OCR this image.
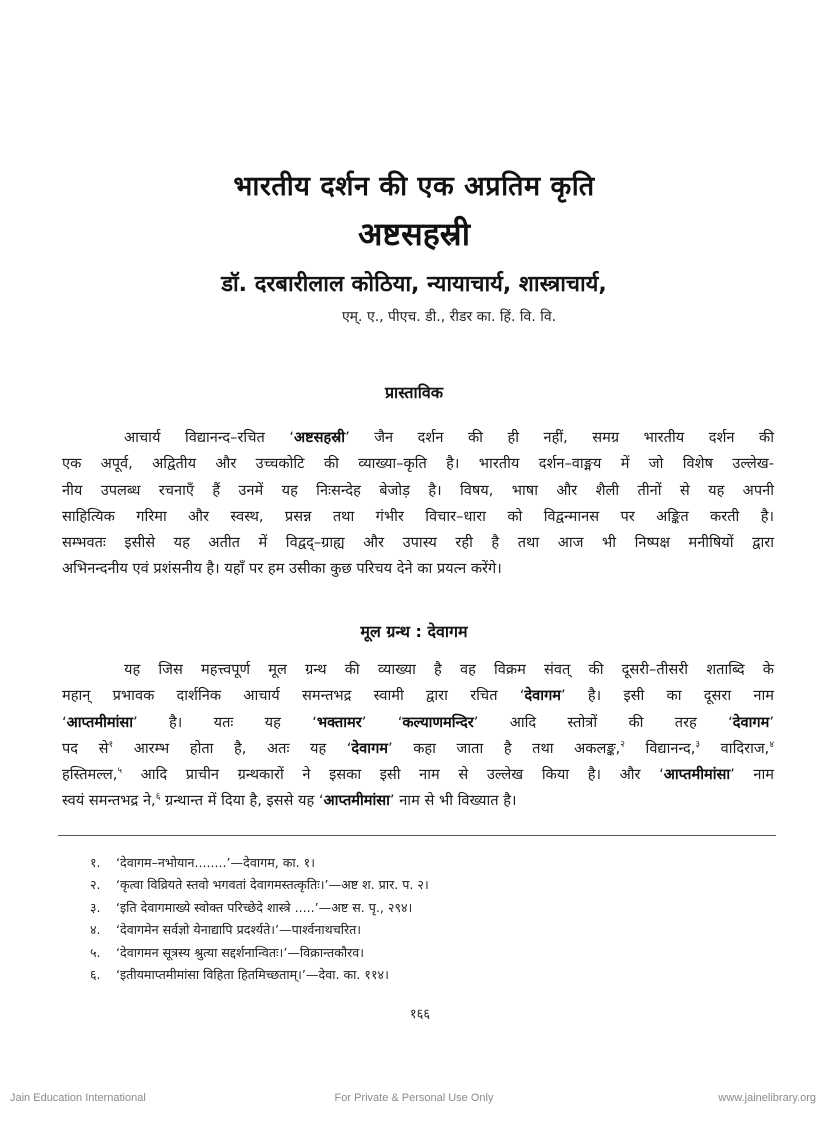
भारतीय दर्शन की एक अप्रतिम कृति
अष्टसहस्री
डॉ. दरबारीलाल कोठिया, न्यायाचार्य, शास्त्राचार्य,
एम्. ए., पीएच. डी., रीडर का. हिं. वि. वि.
प्रास्ताविक
आचार्य विद्यानन्द–रचित ‘अष्टसहस्री’ जैन दर्शन की ही नहीं, समग्र भारतीय दर्शन की
एक अपूर्व, अद्वितीय और उच्चकोटि की व्याख्या–कृति है। भारतीय दर्शन–वाङ्मय में जो विशेष उल्लेख-
नीय उपलब्ध रचनाएँ हैं उनमें यह निःसन्देह बेजोड़ है। विषय, भाषा और शैली तीनों से यह अपनी
साहित्यिक गरिमा और स्वस्थ, प्रसन्न तथा गंभीर विचार–धारा को विद्वन्मानस पर अङ्कित करती है।
सम्भवतः इसीसे यह अतीत में विद्वद्–ग्राह्य और उपास्य रही है तथा आज भी निष्पक्ष मनीषियों द्वारा
अभिनन्दनीय एवं प्रशंसनीय है। यहाँ पर हम उसीका कुछ परिचय देने का प्रयत्न करेंगे।
मूल ग्रन्थ : देवागम
यह जिस महत्त्वपूर्ण मूल ग्रन्थ की व्याख्या है वह विक्रम संवत् की दूसरी–तीसरी शताब्दि के
महान् प्रभावक दार्शनिक आचार्य समन्तभद्र स्वामी द्वारा रचित ‘देवागम’ है। इसी का दूसरा नाम
‘आप्तमीमांसा’ है। यतः यह ‘भक्तामर’ ‘कल्याणमन्दिर’ आदि स्तोत्रों की तरह ‘देवागम’
पद से$^१$ आरम्भ होता है, अतः यह ‘देवागम’ कहा जाता है तथा अकलङ्क,$^२$ विद्यानन्द,$^३$ वादिराज,$^४$
हस्तिमल्ल,$^५$ आदि प्राचीन ग्रन्थकारों ने इसका इसी नाम से उल्लेख किया है। और ‘आप्तमीमांसा’ नाम
स्वयं समन्तभद्र ने,$^६$ ग्रन्थान्त में दिया है, इससे यह ‘आप्तमीमांसा’ नाम से भी विख्यात है।
१. ‘देवागम–नभोयान........’—देवागम, का. १।
२. ‘कृत्वा विव्रियते स्तवो भगवतां देवागमस्तत्कृतिः।’—अष्ट श. प्रार. प. २।
३. ‘इति देवागमाख्ये स्वोक्त परिच्छेदे शास्त्रे .....’—अष्ट स. पृ., २९४।
४. ‘देवागमेन सर्वज्ञो येनाद्यापि प्रदर्श्यते।’—पार्श्वनाथचरित।
५. ‘देवागमन सूत्रस्य श्रुत्या सद्दर्शनान्वितः।’—विक्रान्तकौरव।
६. ‘इतीयमाप्तमीमांसा विहिता हितमिच्छताम्।’—देवा. का. ११४।
१६६
Jain Education International	For Private & Personal Use Only	www.jainelibrary.org
